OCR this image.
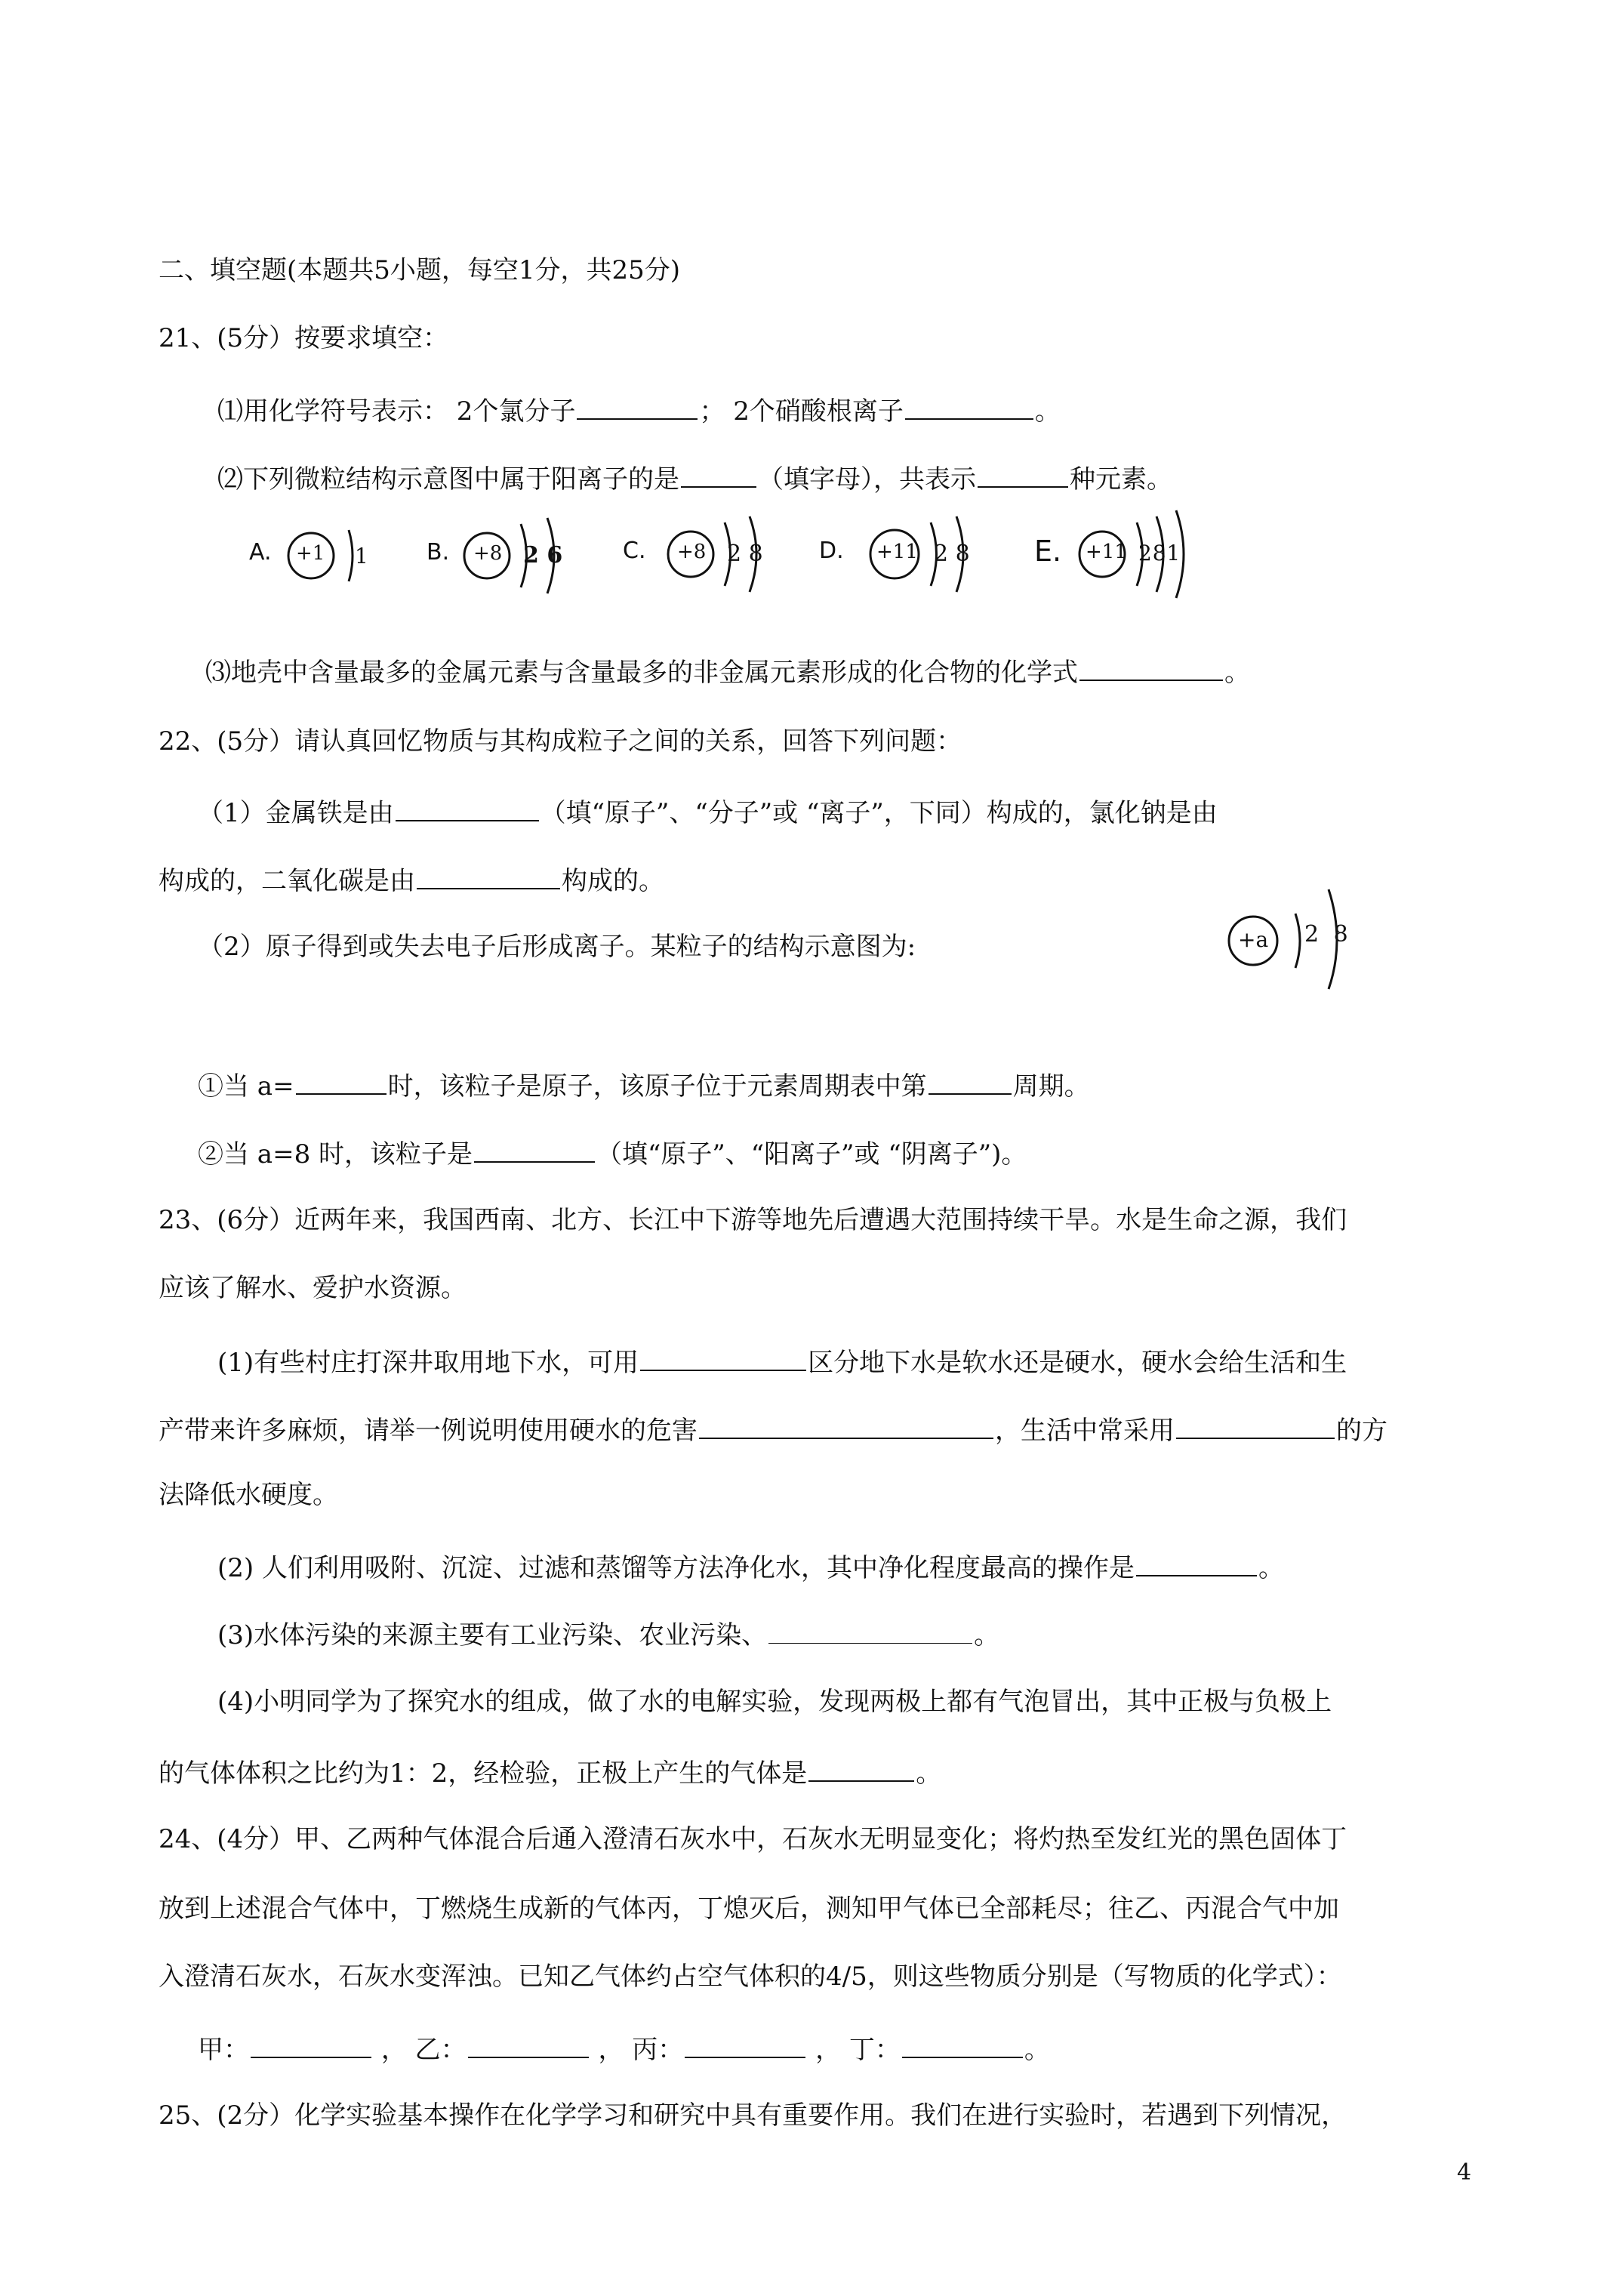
二、填空题(本题共5小题，每空1分，共25分)
21、(5分）按要求填空：
⑴用化学符号表示： 2个氯分子	； 2个硝酸根离子	。
⑵下列微粒结构示意图中属于阳离子的是	（填字母），共表示	种元素。
A. +1 1	B. +8 2 6	C. +8 2 8 D. +11 2 8 E. +11 2 8 1
⑶地壳中含量最多的金属元素与含量最多的非金属元素形成的化合物的化学式	。
22、(5分）请认真回忆物质与其构成粒子之间的关系，回答下列问题：
（1）金属铁是由	（填“原子”、“分子”或 “离子”，下同）构成的，氯化钠是由
构成的，二氧化碳是由	构成的。
（2）原子得到或失去电子后形成离子。某粒子的结构示意图为:	+a 2 8
①当 a=	时，该粒子是原子，该原子位于元素周期表中第	周期。
②当 a=8 时，该粒子是	（填“原子”、“阳离子”或 “阴离子”)。
23、(6分）近两年来，我国西南、北方、长江中下游等地先后遭遇大范围持续干旱。水是生命之源，我们
应该了解水、爱护水资源。
(1)有些村庄打深井取用地下水，可用	区分地下水是软水还是硬水，硬水会给生活和生
产带来许多麻烦，请举一例说明使用硬水的危害	，生活中常采用	的方
法降低水硬度。
(2) 人们利用吸附、沉淀、过滤和蒸馏等方法净化水，其中净化程度最高的操作是	。
(3)水体污染的来源主要有工业污染、农业污染、	。
(4)小明同学为了探究水的组成，做了水的电解实验，发现两极上都有气泡冒出，其中正极与负极上
的气体体积之比约为1：2，经检验，正极上产生的气体是	。
24、(4分）甲、乙两种气体混合后通入澄清石灰水中，石灰水无明显变化；将灼热至发红光的黑色固体丁
放到上述混合气体中，丁燃烧生成新的气体丙，丁熄灭后，测知甲气体已全部耗尽；往乙、丙混合气中加
入澄清石灰水，石灰水变浑浊。已知乙气体约占空气体积的4/5，则这些物质分别是（写物质的化学式）：
甲：	， 乙：	， 丙：	， 丁：	。
25、(2分）化学实验基本操作在化学学习和研究中具有重要作用。我们在进行实验时，若遇到下列情况，
4
